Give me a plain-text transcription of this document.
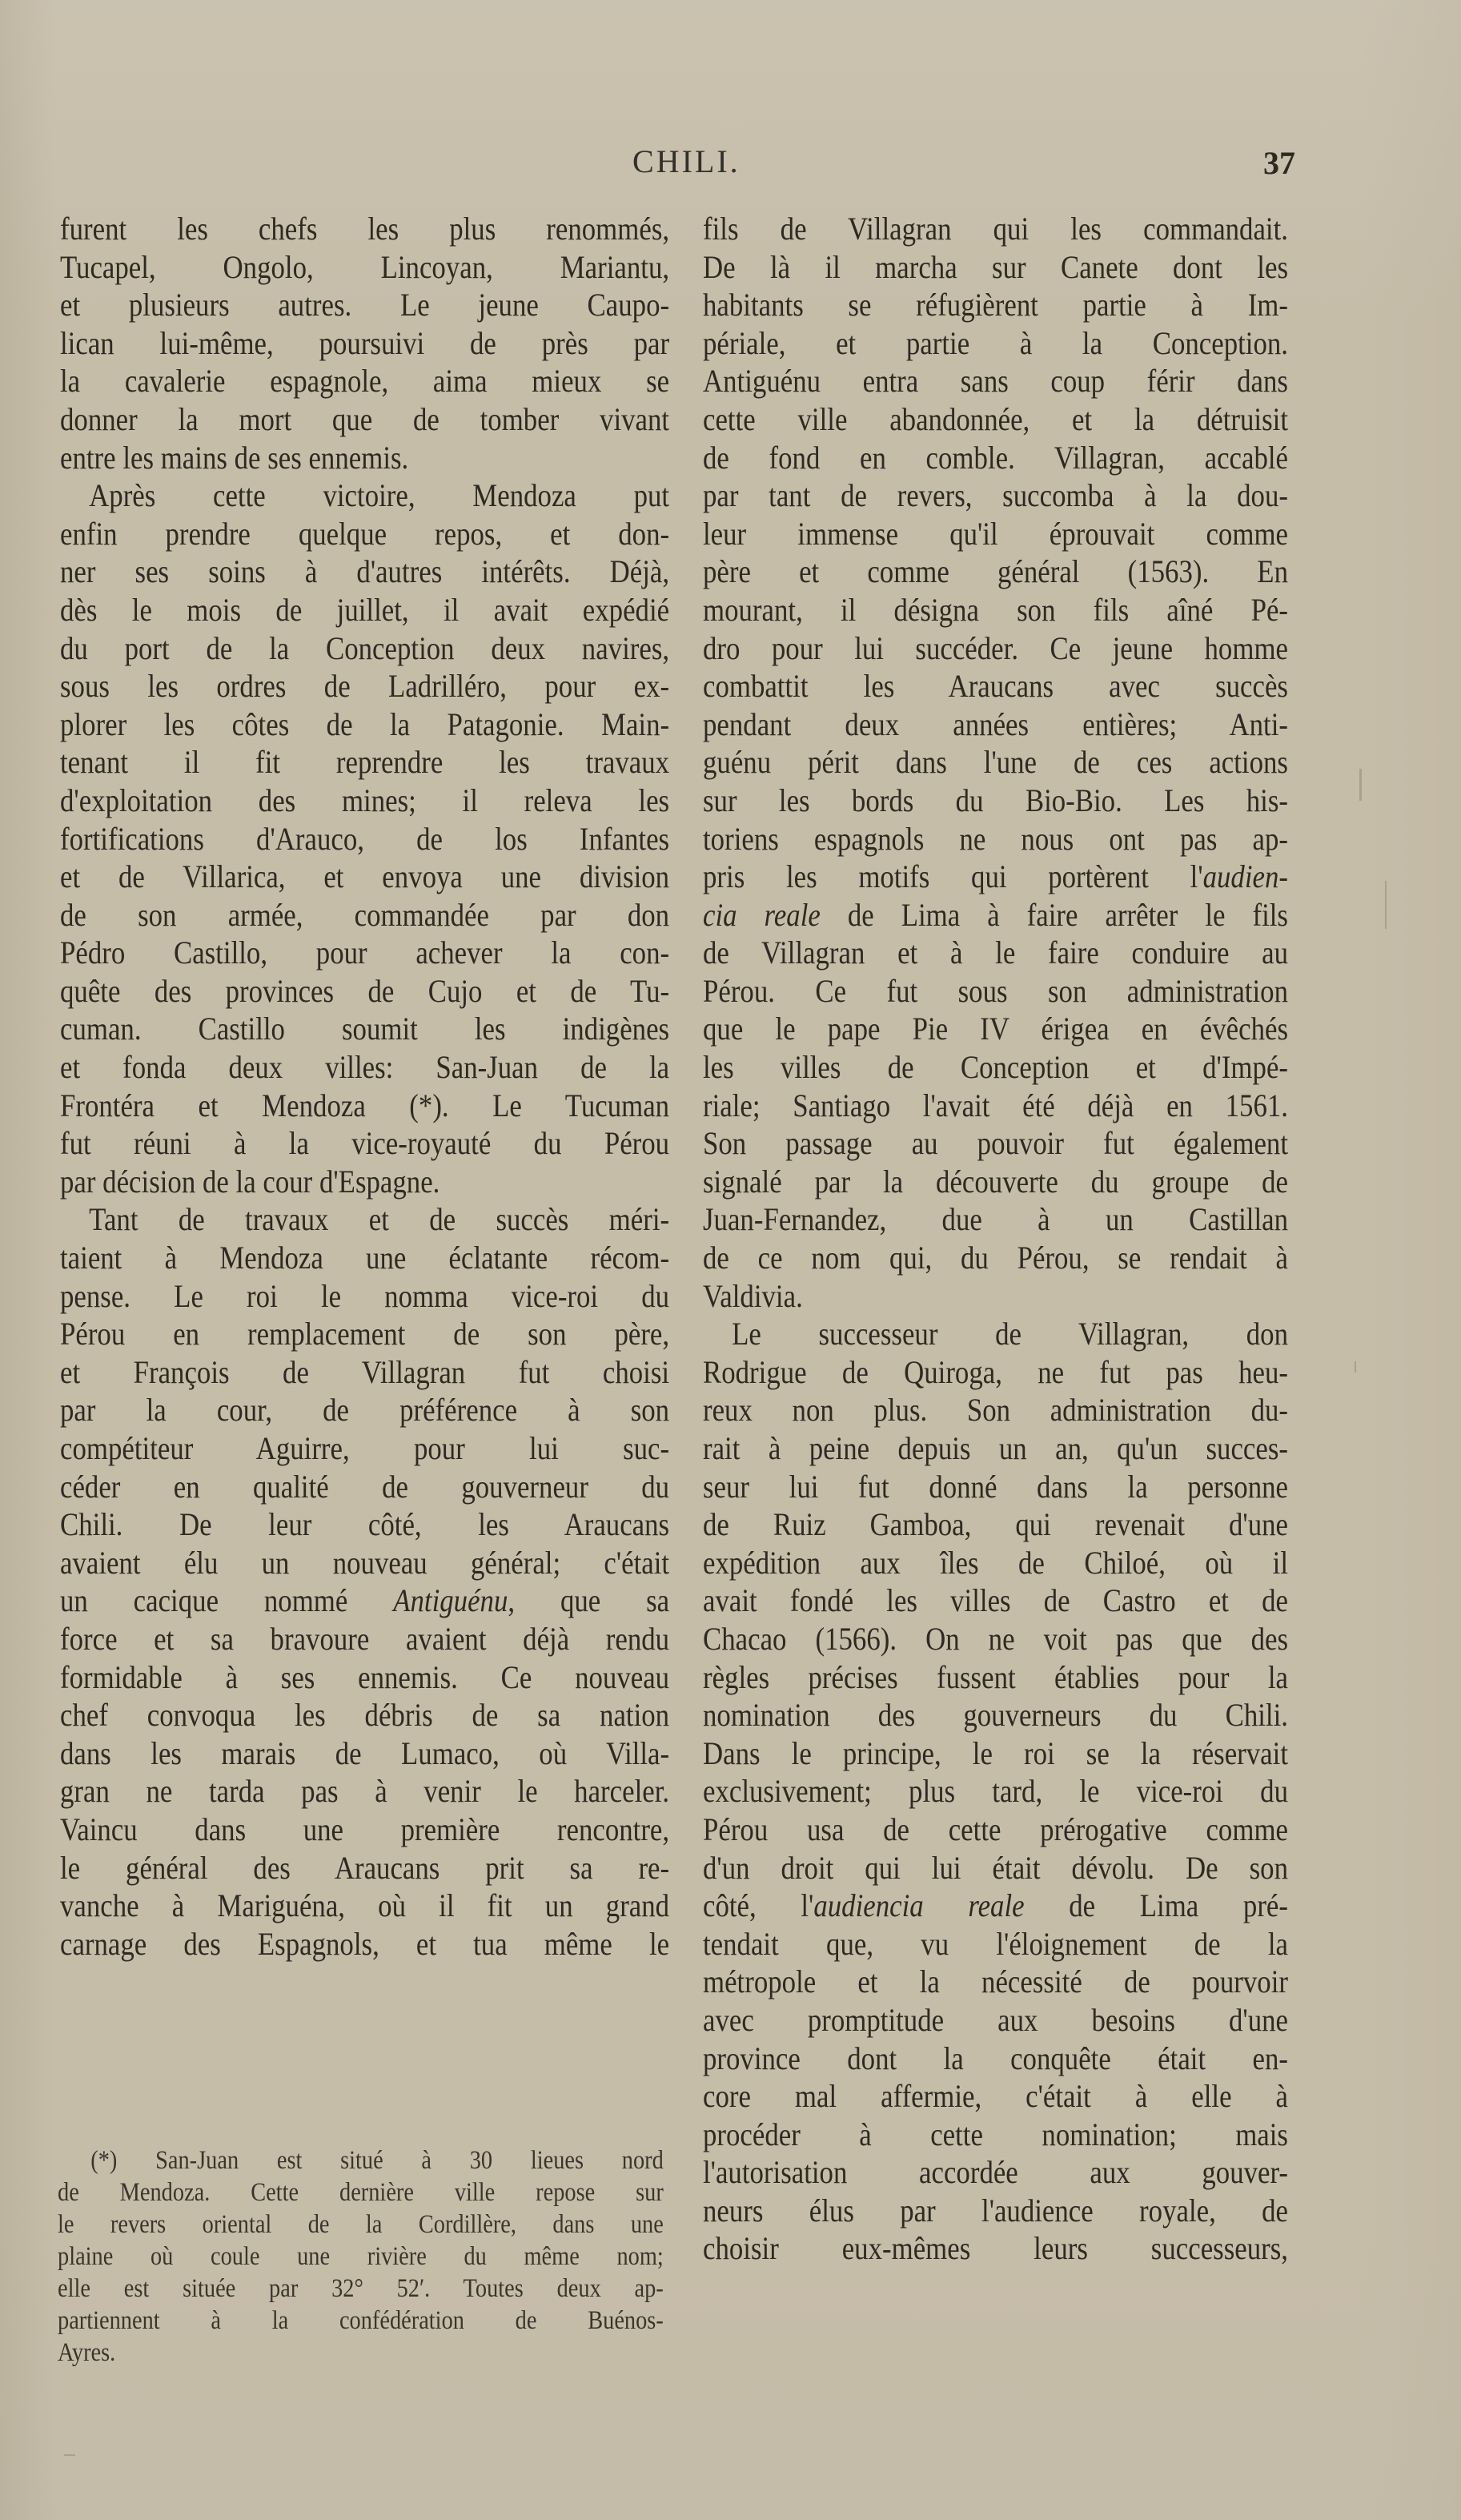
CHILI.	37
furent les chefs les plus renommés,
Tucapel, Ongolo, Lincoyan, Mariantu,
et plusieurs autres. Le jeune Caupo-
lican lui-même, poursuivi de près par
la cavalerie espagnole, aima mieux se
donner la mort que de tomber vivant
entre les mains de ses ennemis.
Après cette victoire, Mendoza put
enfin prendre quelque repos, et don-
ner ses soins à d'autres intérêts. Déjà,
dès le mois de juillet, il avait expédié
du port de la Conception deux navires,
sous les ordres de Ladrilléro, pour ex-
plorer les côtes de la Patagonie. Main-
tenant il fit reprendre les travaux
d'exploitation des mines; il releva les
fortifications d'Arauco, de los Infantes
et de Villarica, et envoya une division
de son armée, commandée par don
Pédro Castillo, pour achever la con-
quête des provinces de Cujo et de Tu-
cuman. Castillo soumit les indigènes
et fonda deux villes: San-Juan de la
Frontéra et Mendoza (*). Le Tucuman
fut réuni à la vice-royauté du Pérou
par décision de la cour d'Espagne.
Tant de travaux et de succès méri-
taient à Mendoza une éclatante récom-
pense. Le roi le nomma vice-roi du
Pérou en remplacement de son père,
et François de Villagran fut choisi
par la cour, de préférence à son
compétiteur Aguirre, pour lui suc-
céder en qualité de gouverneur du
Chili. De leur côté, les Araucans
avaient élu un nouveau général; c'était
un cacique nommé Antiguénu, que sa
force et sa bravoure avaient déjà rendu
formidable à ses ennemis. Ce nouveau
chef convoqua les débris de sa nation
dans les marais de Lumaco, où Villa-
gran ne tarda pas à venir le harceler.
Vaincu dans une première rencontre,
le général des Araucans prit sa re-
vanche à Mariguéna, où il fit un grand
carnage des Espagnols, et tua même le
(*) San-Juan est situé à 30 lieues nord
de Mendoza. Cette dernière ville repose sur
le revers oriental de la Cordillère, dans une
plaine où coule une rivière du même nom;
elle est située par 32° 52′. Toutes deux ap-
partiennent à la confédération de Buénos-
Ayres.
fils de Villagran qui les commandait.
De là il marcha sur Canete dont les
habitants se réfugièrent partie à Im-
périale, et partie à la Conception.
Antiguénu entra sans coup férir dans
cette ville abandonnée, et la détruisit
de fond en comble. Villagran, accablé
par tant de revers, succomba à la dou-
leur immense qu'il éprouvait comme
père et comme général (1563). En
mourant, il désigna son fils aîné Pé-
dro pour lui succéder. Ce jeune homme
combattit les Araucans avec succès
pendant deux années entières; Anti-
guénu périt dans l'une de ces actions
sur les bords du Bio-Bio. Les his-
toriens espagnols ne nous ont pas ap-
pris les motifs qui portèrent l'audien-
cia reale de Lima à faire arrêter le fils
de Villagran et à le faire conduire au
Pérou. Ce fut sous son administration
que le pape Pie IV érigea en évêchés
les villes de Conception et d'Impé-
riale; Santiago l'avait été déjà en 1561.
Son passage au pouvoir fut également
signalé par la découverte du groupe de
Juan-Fernandez, due à un Castillan
de ce nom qui, du Pérou, se rendait à
Valdivia.
Le successeur de Villagran, don
Rodrigue de Quiroga, ne fut pas heu-
reux non plus. Son administration du-
rait à peine depuis un an, qu'un succes-
seur lui fut donné dans la personne
de Ruiz Gamboa, qui revenait d'une
expédition aux îles de Chiloé, où il
avait fondé les villes de Castro et de
Chacao (1566). On ne voit pas que des
règles précises fussent établies pour la
nomination des gouverneurs du Chili.
Dans le principe, le roi se la réservait
exclusivement; plus tard, le vice-roi du
Pérou usa de cette prérogative comme
d'un droit qui lui était dévolu. De son
côté, l'audiencia reale de Lima pré-
tendait que, vu l'éloignement de la
métropole et la nécessité de pourvoir
avec promptitude aux besoins d'une
province dont la conquête était en-
core mal affermie, c'était à elle à
procéder à cette nomination; mais
l'autorisation accordée aux gouver-
neurs élus par l'audience royale, de
choisir eux-mêmes leurs successeurs,
